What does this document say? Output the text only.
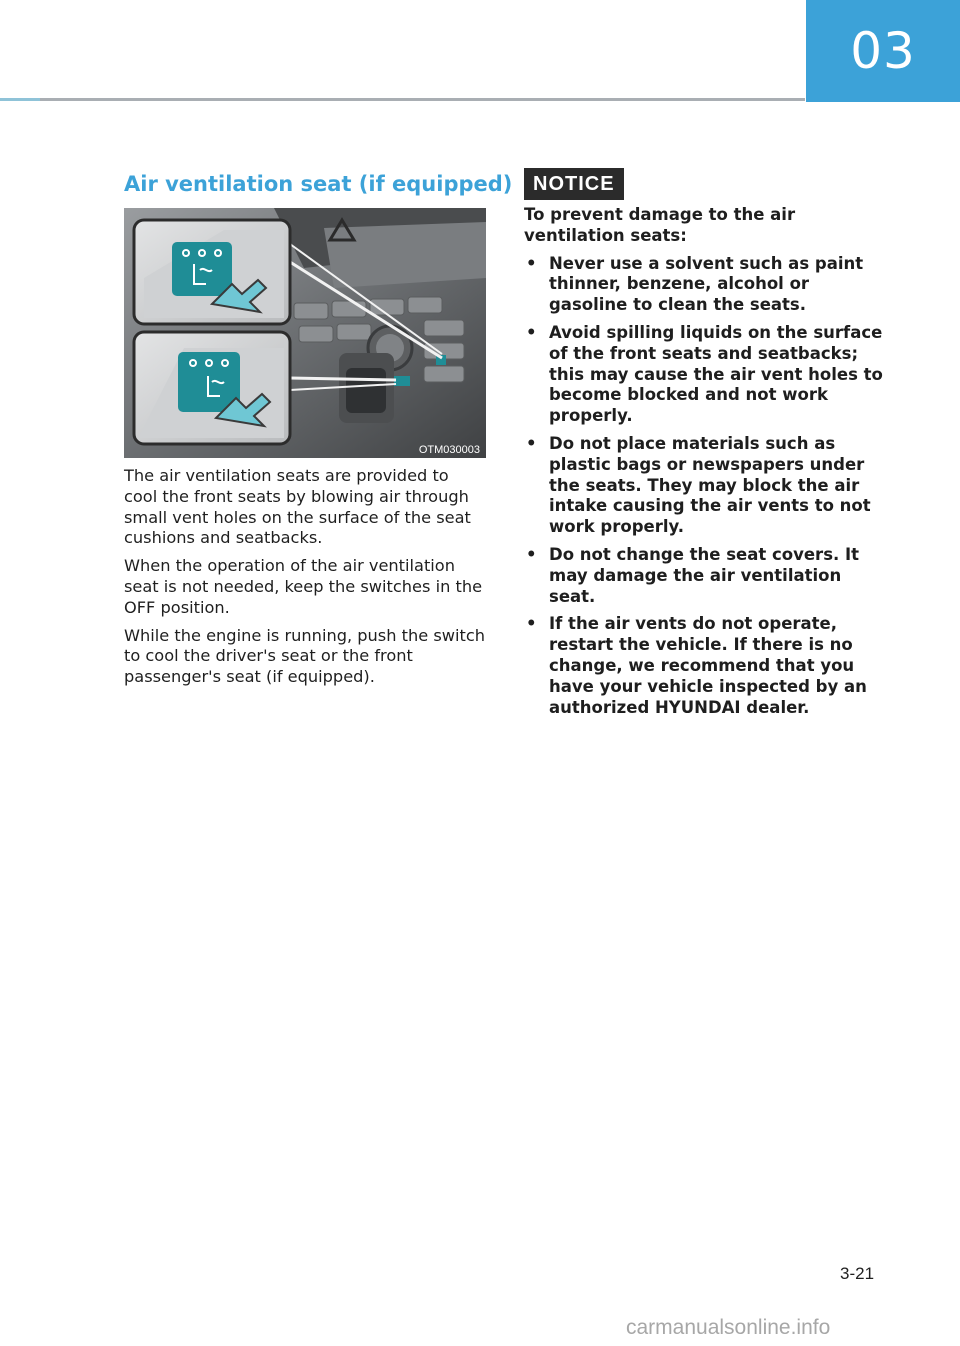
03
Air ventilation seat (if equipped)
OTM030003

The air ventilation seats are provided to cool the front seats by blowing air through small vent holes on the surface of the seat cushions and seatbacks.

When the operation of the air ventilation seat is not needed, keep the switches in the OFF position.

While the engine is running, push the switch to cool the driver's seat or the front passenger's seat (if equipped).

NOTICE

To prevent damage to the air ventilation seats:

• Never use a solvent such as paint thinner, benzene, alcohol or gasoline to clean the seats.
• Avoid spilling liquids on the surface of the front seats and seatbacks; this may cause the air vent holes to become blocked and not work properly.
• Do not place materials such as plastic bags or newspapers under the seats. They may block the air intake causing the air vents to not work properly.
• Do not change the seat covers. It may damage the air ventilation seat.
• If the air vents do not operate, restart the vehicle. If there is no change, we recommend that you have your vehicle inspected by an authorized HYUNDAI dealer.
3-21
carmanualsonline.info
